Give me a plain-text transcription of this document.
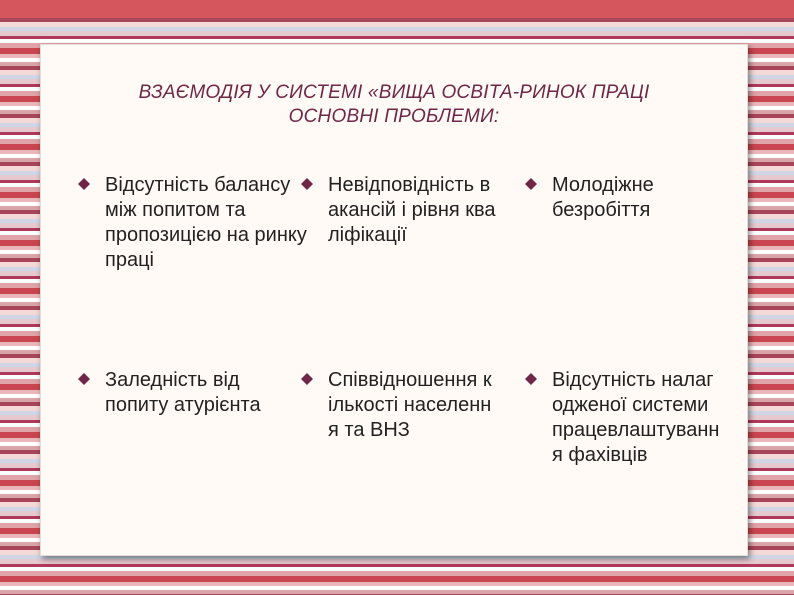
ВЗАЄМОДІЯ У СИСТЕМІ «ВИЩА ОСВІТА-РИНОК ПРАЦІ
ОСНОВНІ ПРОБЛЕМИ:
Відсутність балансу між попитом та пропозицією на ринку праці
Невідповідність вакансій і рівня кваліфікації
Молодіжне безробіття
Заледність від попиту атурієнта
Співвідношення кількості населення та ВНЗ
Відсутність налагодженої системи працевлаштування фахівців
